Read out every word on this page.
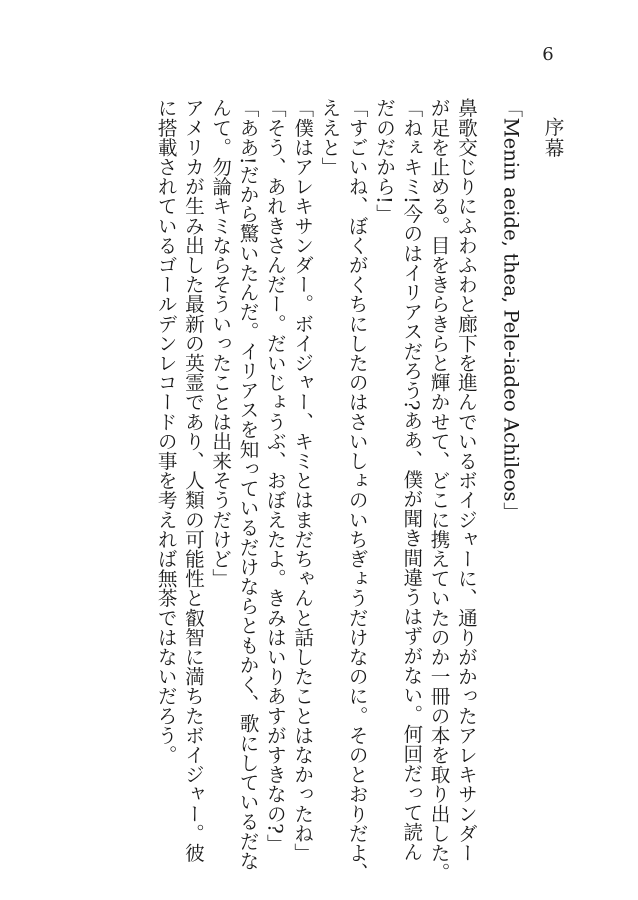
6
序幕
「Menin aeide, thea, Pele-iadeo Achileos」
鼻歌交じりにふわふわと廊下を進んでいるボイジャーに、通りがかったアレキサンダー
が足を止める。目をきらきらと輝かせて、どこに携えていたのか一冊の本を取り出した。
「ねぇキミ!今のはイリアスだろう?ああ、僕が聞き間違うはずがない。何回だって読ん
だのだから!」
「すごいね、ぼくがくちにしたのはさいしょのいちぎょうだけなのに。そのとおりだよ、
ええと」
「僕はアレキサンダー。ボイジャー、キミとはまだちゃんと話したことはなかったね」
「そう、あれきさんだー。だいじょうぶ、おぼえたよ。きみはいりあすがすきなの?」
「ああ!だから驚いたんだ。イリアスを知っているだけならともかく、歌にしているだな
んて。勿論キミならそういったことは出来そうだけど」
アメリカが生み出した最新の英霊であり、人類の可能性と叡智に満ちたボイジャー。彼
に搭載されているゴールデンレコードの事を考えれば無茶ではないだろう。
